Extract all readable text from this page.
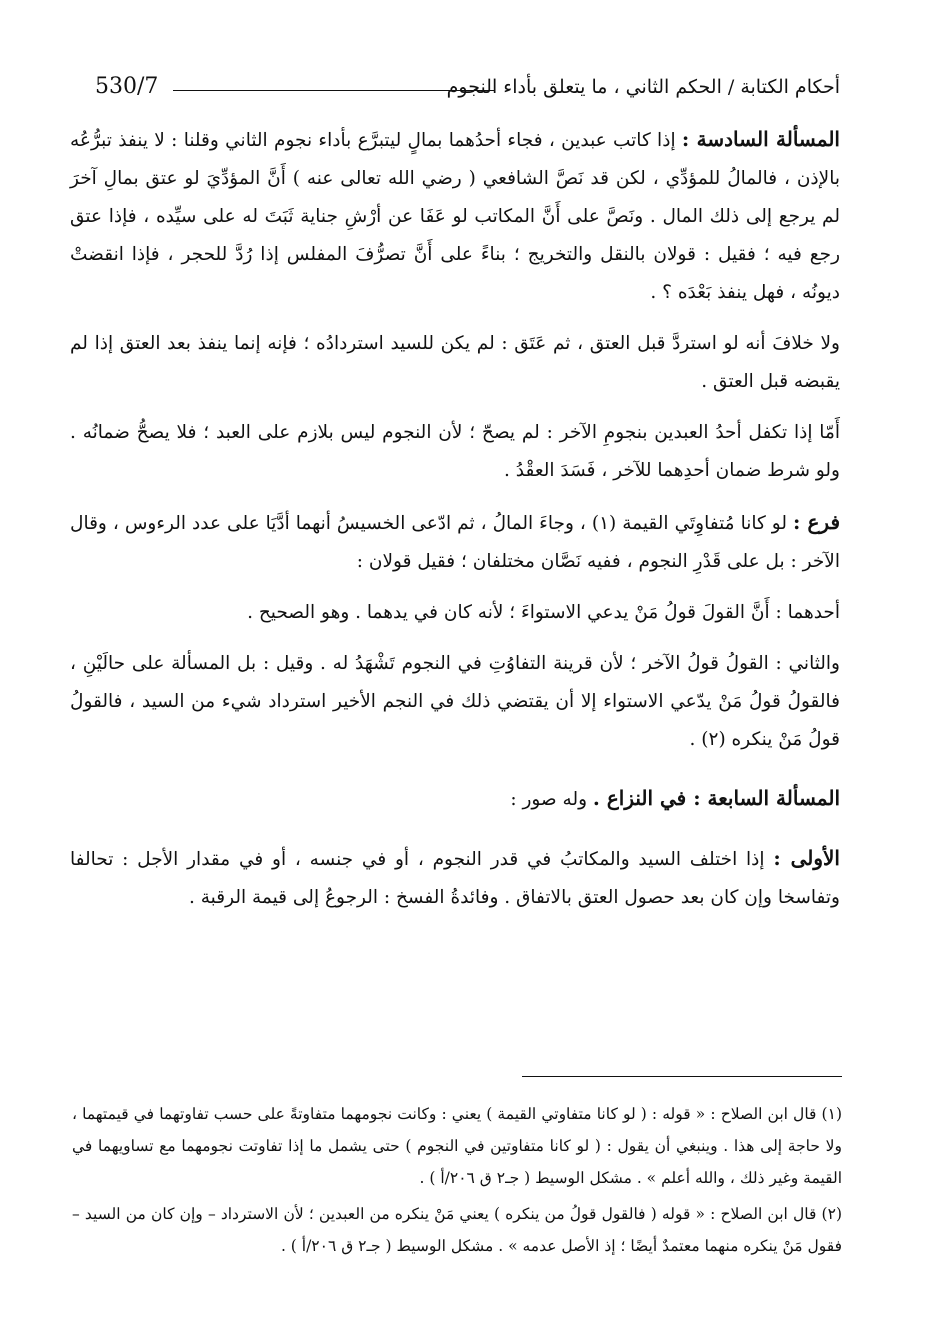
أحكام الكتابة / الحكم الثاني ، ما يتعلق بأداء النجوم
530/7

المسألة السادسة : إذا كاتب عبدين ، فجاء أحدُهما بمالٍ ليتبرَّع بأداء نجوم الثاني وقلنا : لا ينفذ تبرُّعُه بالإذن ، فالمالُ للمؤدِّي ، لكن قد نَصَّ الشافعي ( رضي الله تعالى عنه ) أَنَّ المؤدِّيَ لو عتق بمالِ آخرَ لم يرجع إلى ذلك المال . ونَصَّ على أَنَّ المكاتب لو عَفَا عن أرْشِ جناية ثَبَتَ له على سيِّده ، فإذا عتق رجع فيه ؛ فقيل : قولان بالنقل والتخريج ؛ بناءً على أَنَّ تصرُّفَ المفلس إذا رُدَّ للحجر ، فإذا انقضتْ ديونُه ، فهل ينفذ بَعْدَه ؟ .

ولا خلافَ أنه لو استردَّ قبل العتق ، ثم عَتَق : لم يكن للسيد استردادُه ؛ فإنه إنما ينفذ بعد العتق إذا لم يقبضه قبل العتق .

أَمّا إذا تكفل أحدُ العبدين بنجومِ الآخر : لم يصحّ ؛ لأن النجوم ليس بلازم على العبد ؛ فلا يصحُّ ضمانُه . ولو شرط ضمان أحدِهما للآخر ، فَسَدَ العقْدُ .

فرع : لو كانا مُتفاوِتَي القيمة (١) ، وجاءَ المالُ ، ثم ادّعى الخسيسُ أنهما أدَّيَا على عدد الرءوس ، وقال الآخر : بل على قَدْرِ النجوم ، ففيه نَصَّان مختلفان ؛ فقيل قولان :

أحدهما : أَنَّ القولَ قولُ مَنْ يدعي الاستواءَ ؛ لأنه كان في يدهما . وهو الصحيح .

والثاني : القولُ قولُ الآخر ؛ لأن قرينة التفاوُتِ في النجوم تَشْهَدُ له . وقيل : بل المسألة على حالَيْنِ ، فالقولُ قولُ مَنْ يدّعي الاستواء إلا أن يقتضي ذلك في النجم الأخير استرداد شيء من السيد ، فالقولُ قولُ مَنْ ينكره (٢) .

المسألة السابعة : في النزاع . وله صور :

الأولى : إذا اختلف السيد والمكاتبُ في قدر النجوم ، أو في جنسه ، أو في مقدار الأجل : تحالفا وتفاسخا وإن كان بعد حصول العتق بالاتفاق . وفائدةُ الفسخ : الرجوعُ إلى قيمة الرقبة .

(١) قال ابن الصلاح : « قوله : ( لو كانا متفاوتي القيمة ) يعني : وكانت نجومهما متفاوتةً على حسب تفاوتهما في قيمتهما ، ولا حاجة إلى هذا . وينبغي أن يقول : ( لو كانا متفاوتين في النجوم ) حتى يشمل ما إذا تفاوتت نجومهما مع تساويهما في القيمة وغير ذلك ، والله أعلم » . مشكل الوسيط ( جـ٢ ق ٢٠٦/أ ) .

(٢) قال ابن الصلاح : « قوله ( فالقول قولُ من ينكره ) يعني مَنْ ينكره من العبدين ؛ لأن الاسترداد – وإن كان من السيد – فقول مَنْ ينكره منهما معتمدٌ أيضًا ؛ إذ الأصل عدمه » . مشكل الوسيط ( جـ٢ ق ٢٠٦/أ ) .
